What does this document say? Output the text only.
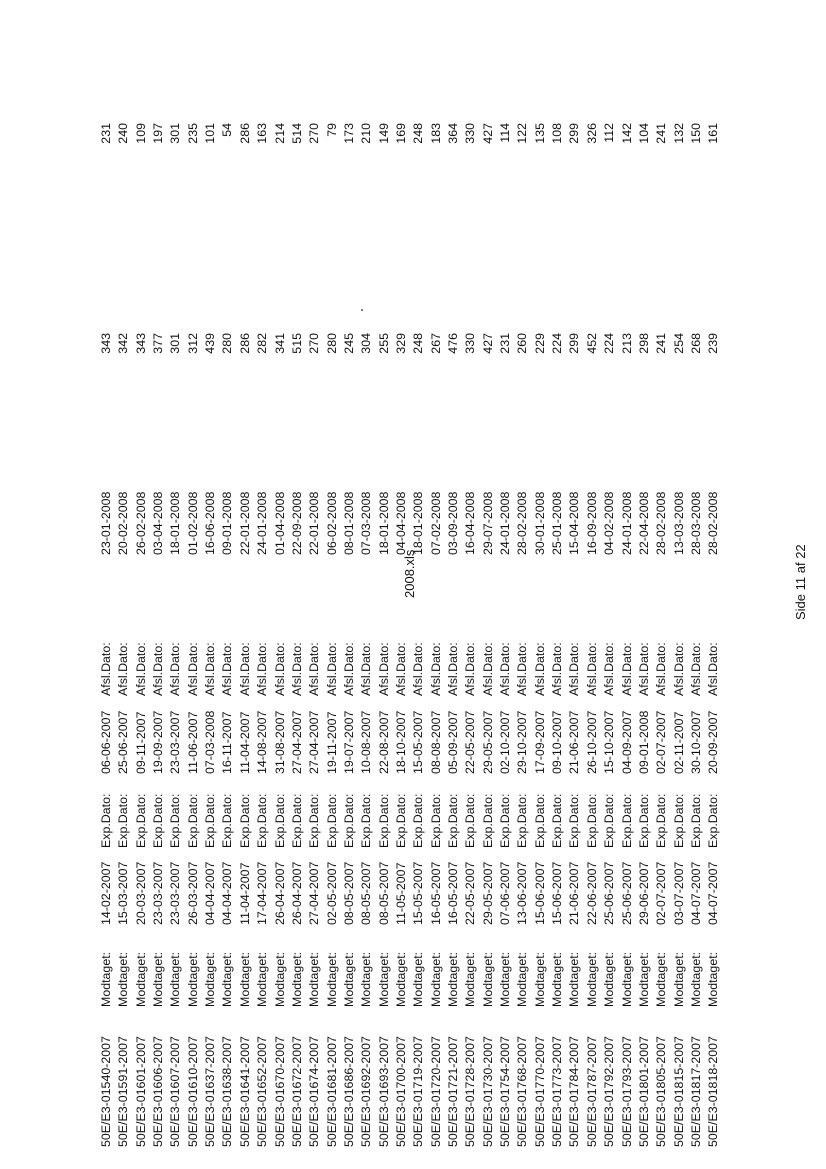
2008.xls	Side 11 af 22
50E/E3-01540-2007
Modtaget:
14-02-2007
Exp.Dato:
06-06-2007
Afsl.Dato:
23-01-2008
343
231
50E/E3-01591-2007
Modtaget:
15-03-2007
Exp.Dato:
25-06-2007
Afsl.Dato:
20-02-2008
342
240
50E/E3-01601-2007
Modtaget:
20-03-2007
Exp.Dato:
09-11-2007
Afsl.Dato:
26-02-2008
343
109
50E/E3-01606-2007
Modtaget:
23-03-2007
Exp.Dato:
19-09-2007
Afsl.Dato:
03-04-2008
377
197
50E/E3-01607-2007
Modtaget:
23-03-2007
Exp.Dato:
23-03-2007
Afsl.Dato:
18-01-2008
301
301
50E/E3-01610-2007
Modtaget:
26-03-2007
Exp.Dato:
11-06-2007
Afsl.Dato:
01-02-2008
312
235
50E/E3-01637-2007
Modtaget:
04-04-2007
Exp.Dato:
07-03-2008
Afsl.Dato:
16-06-2008
439
101
50E/E3-01638-2007
Modtaget:
04-04-2007
Exp.Dato:
16-11-2007
Afsl.Dato:
09-01-2008
280
54
50E/E3-01641-2007
Modtaget:
11-04-2007
Exp.Dato:
11-04-2007
Afsl.Dato:
22-01-2008
286
286
50E/E3-01652-2007
Modtaget:
17-04-2007
Exp.Dato:
14-08-2007
Afsl.Dato:
24-01-2008
282
163
50E/E3-01670-2007
Modtaget:
26-04-2007
Exp.Dato:
31-08-2007
Afsl.Dato:
01-04-2008
341
214
50E/E3-01672-2007
Modtaget:
26-04-2007
Exp.Dato:
27-04-2007
Afsl.Dato:
22-09-2008
515
514
50E/E3-01674-2007
Modtaget:
27-04-2007
Exp.Dato:
27-04-2007
Afsl.Dato:
22-01-2008
270
270
50E/E3-01681-2007
Modtaget:
02-05-2007
Exp.Dato:
19-11-2007
Afsl.Dato:
06-02-2008
280
79
50E/E3-01686-2007
Modtaget:
08-05-2007
Exp.Dato:
19-07-2007
Afsl.Dato:
08-01-2008
245
173
50E/E3-01692-2007
Modtaget:
08-05-2007
Exp.Dato:
10-08-2007
Afsl.Dato:
07-03-2008
304
210
50E/E3-01693-2007
Modtaget:
08-05-2007
Exp.Dato:
22-08-2007
Afsl.Dato:
18-01-2008
255
149
50E/E3-01700-2007
Modtaget:
11-05-2007
Exp.Dato:
18-10-2007
Afsl.Dato:
04-04-2008
329
169
50E/E3-01719-2007
Modtaget:
15-05-2007
Exp.Dato:
15-05-2007
Afsl.Dato:
18-01-2008
248
248
50E/E3-01720-2007
Modtaget:
16-05-2007
Exp.Dato:
08-08-2007
Afsl.Dato:
07-02-2008
267
183
50E/E3-01721-2007
Modtaget:
16-05-2007
Exp.Dato:
05-09-2007
Afsl.Dato:
03-09-2008
476
364
50E/E3-01728-2007
Modtaget:
22-05-2007
Exp.Dato:
22-05-2007
Afsl.Dato:
16-04-2008
330
330
50E/E3-01730-2007
Modtaget:
29-05-2007
Exp.Dato:
29-05-2007
Afsl.Dato:
29-07-2008
427
427
50E/E3-01754-2007
Modtaget:
07-06-2007
Exp.Dato:
02-10-2007
Afsl.Dato:
24-01-2008
231
114
50E/E3-01768-2007
Modtaget:
13-06-2007
Exp.Dato:
29-10-2007
Afsl.Dato:
28-02-2008
260
122
50E/E3-01770-2007
Modtaget:
15-06-2007
Exp.Dato:
17-09-2007
Afsl.Dato:
30-01-2008
229
135
50E/E3-01773-2007
Modtaget:
15-06-2007
Exp.Dato:
09-10-2007
Afsl.Dato:
25-01-2008
224
108
50E/E3-01784-2007
Modtaget:
21-06-2007
Exp.Dato:
21-06-2007
Afsl.Dato:
15-04-2008
299
299
50E/E3-01787-2007
Modtaget:
22-06-2007
Exp.Dato:
26-10-2007
Afsl.Dato:
16-09-2008
452
326
50E/E3-01792-2007
Modtaget:
25-06-2007
Exp.Dato:
15-10-2007
Afsl.Dato:
04-02-2008
224
112
50E/E3-01793-2007
Modtaget:
25-06-2007
Exp.Dato:
04-09-2007
Afsl.Dato:
24-01-2008
213
142
50E/E3-01801-2007
Modtaget:
29-06-2007
Exp.Dato:
09-01-2008
Afsl.Dato:
22-04-2008
298
104
50E/E3-01805-2007
Modtaget:
02-07-2007
Exp.Dato:
02-07-2007
Afsl.Dato:
28-02-2008
241
241
50E/E3-01815-2007
Modtaget:
03-07-2007
Exp.Dato:
02-11-2007
Afsl.Dato:
13-03-2008
254
132
50E/E3-01817-2007
Modtaget:
04-07-2007
Exp.Dato:
30-10-2007
Afsl.Dato:
28-03-2008
268
150
50E/E3-01818-2007
Modtaget:
04-07-2007
Exp.Dato:
20-09-2007
Afsl.Dato:
28-02-2008
239
161
